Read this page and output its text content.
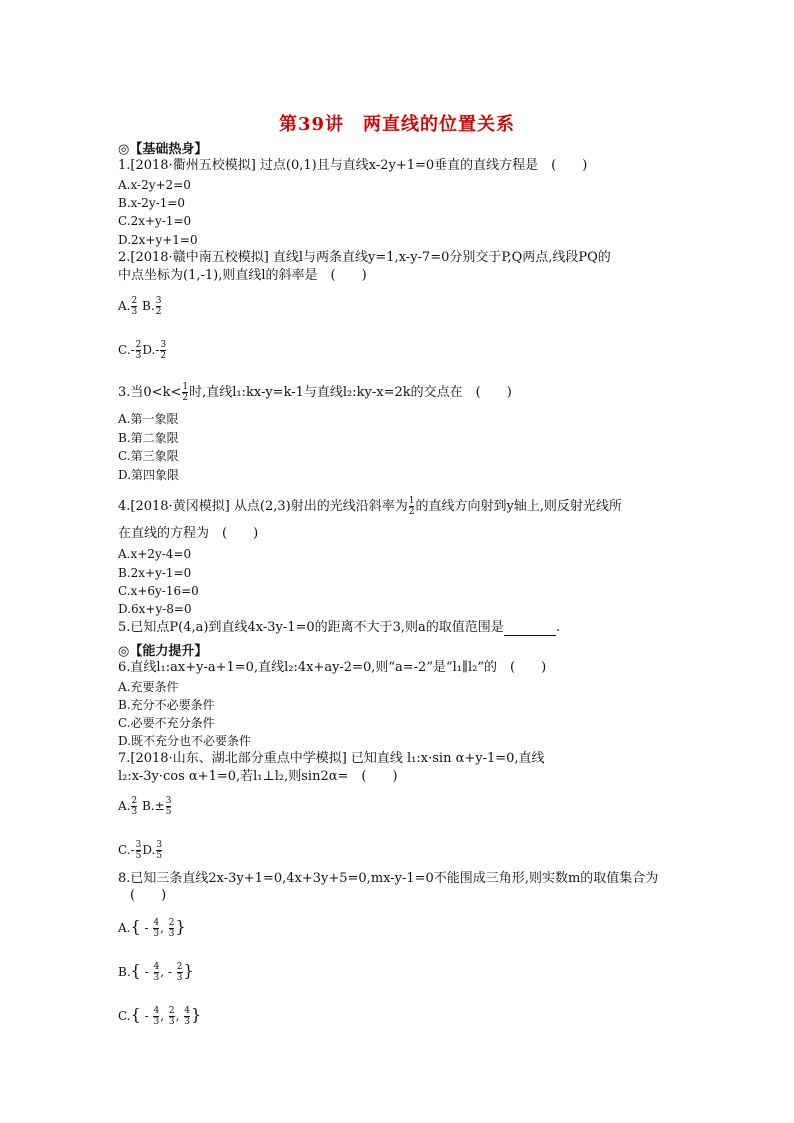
第39讲　两直线的位置关系
◎【基础热身】
1.[2018·衢州五校模拟] 过点(0,1)且与直线x-2y+1=0垂直的直线方程是　(　　)
A.x-2y+2=0
B.x-2y-1=0
C.2x+y-1=0
D.2x+y+1=0
2.[2018·赣中南五校模拟] 直线l与两条直线y=1,x-y-7=0分别交于P,Q两点,线段PQ的
中点坐标为(1,-1),则直线l的斜率是　(　　)
A. $\frac{2}{3} B$. $\frac{3}{2}$
$C.- \frac{2}{3} D.- \frac{3}{2}$
3.当$0<k< \frac{1}{2}$ 时,直线l₁:kx-y=k-1与直线l₂:ky-x=2k的交点在　(　　)
A.第一象限
B.第二象限
C.第三象限
D.第四象限
4.[2018·黄冈模拟] 从点(2,3)射出的光线沿斜率为 $\frac{1}{2}$ 的直线方向射到y轴上,则反射光线所
在直线的方程为　(　　)
A.x+2y-4=0
B.2x+y-1=0
C.x+6y-16=0
D.6x+y-8=0
5.已知点P(4,a)到直线4x-3y-1=0的距离不大于3,则a的取值范围是	.
◎【能力提升】
6.直线l₁:ax+y-a+1=0,直线l₂:4x+ay-2=0,则“a=-2”是“l₁∥l₂”的　(　　)
A.充要条件
B.充分不必要条件
C.必要不充分条件
D.既不充分也不必要条件
7.[2018·山东、湖北部分重点中学模拟] 已知直线 l₁:x·sin α+y-1=0,直线
l₂:x-3y·cos α+1=0,若l₁⊥l₂,则sin2α=　(　　)
A. $\frac{2}{3} B.\pm \frac{3}{5}$
$C.- \frac{3}{5} D$. $\frac{3}{5}$
8.已知三条直线2x-3y+1=0,4x+3y+5=0,mx-y-1=0不能围成三角形,则实数m的取值集合为
(　　)
$A.\{ - \frac{4}{3}$ , $\frac{2}{3}$ }
$B.\{ - \frac{4}{3}$ , - $\frac{2}{3}$ }
$C.\{ - \frac{4}{3}$ , $\frac{2}{3}$ , $\frac{4}{3}$ }
